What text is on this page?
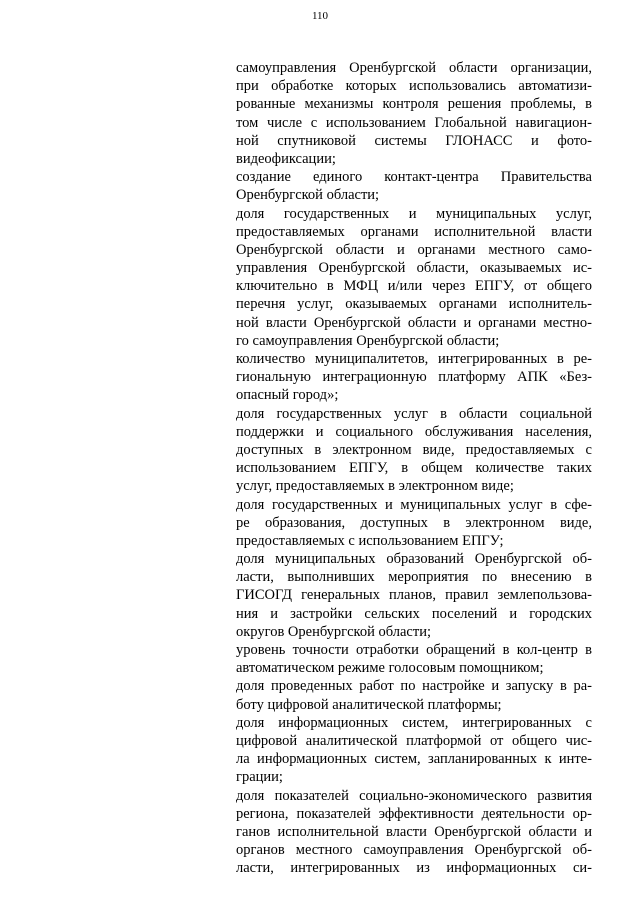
110
самоуправления Оренбургской области организации,
при обработке которых использовались автоматизи-
рованные механизмы контроля решения проблемы, в
том числе с использованием Глобальной навигацион-
ной спутниковой системы ГЛОНАСС и фото-
видеофиксации;
создание единого контакт-центра Правительства
Оренбургской области;
доля государственных и муниципальных услуг,
предоставляемых органами исполнительной власти
Оренбургской области и органами местного само-
управления Оренбургской области, оказываемых ис-
ключительно в МФЦ и/или через ЕПГУ, от общего
перечня услуг, оказываемых органами исполнитель-
ной власти Оренбургской области и органами местно-
го самоуправления Оренбургской области;
количество муниципалитетов, интегрированных в ре-
гиональную интеграционную платформу АПК «Без-
опасный город»;
доля государственных услуг в области социальной
поддержки и социального обслуживания населения,
доступных в электронном виде, предоставляемых с
использованием ЕПГУ, в общем количестве таких
услуг, предоставляемых в электронном виде;
доля государственных и муниципальных услуг в сфе-
ре образования, доступных в электронном виде,
предоставляемых с использованием ЕПГУ;
доля муниципальных образований Оренбургской об-
ласти, выполнивших мероприятия по внесению в
ГИСОГД генеральных планов, правил землепользова-
ния и застройки сельских поселений и городских
округов Оренбургской области;
уровень точности отработки обращений в кол-центр в
автоматическом режиме голосовым помощником;
доля проведенных работ по настройке и запуску в ра-
боту цифровой аналитической платформы;
доля информационных систем, интегрированных с
цифровой аналитической платформой от общего чис-
ла информационных систем, запланированных к инте-
грации;
доля показателей социально-экономического развития
региона, показателей эффективности деятельности ор-
ганов исполнительной власти Оренбургской области и
органов местного самоуправления Оренбургской об-
ласти, интегрированных из информационных си-
